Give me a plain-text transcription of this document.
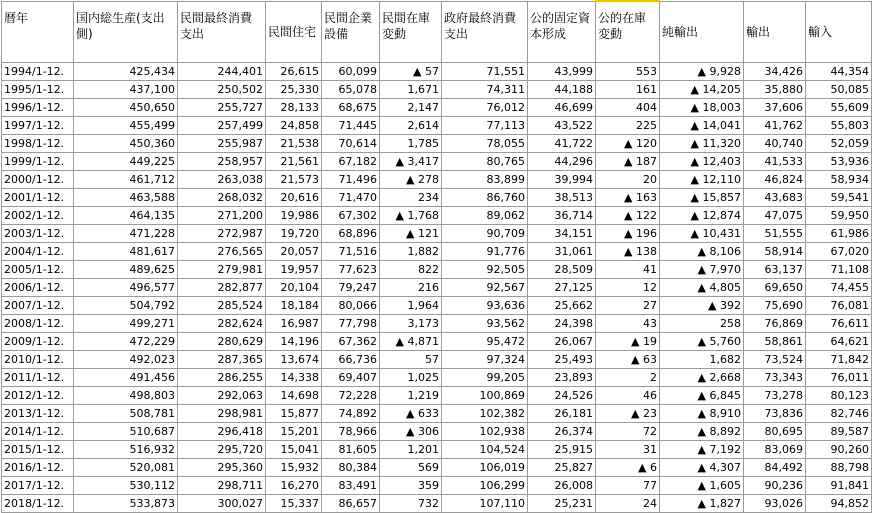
暦年	国内総生産(支出側)	民間最終消費支出	民間住宅	民間企業設備	民間在庫変動	政府最終消費支出	公的固定資本形成	公的在庫変動	純輸出	輸出	輸入
1994/1-12.	425,434	244,401	26,615	60,099	▲ 57	71,551	43,999	553	▲ 9,928	34,426	44,354
1995/1-12.	437,100	250,502	25,330	65,078	1,671	74,311	44,188	161	▲ 14,205	35,880	50,085
1996/1-12.	450,650	255,727	28,133	68,675	2,147	76,012	46,699	404	▲ 18,003	37,606	55,609
1997/1-12.	455,499	257,499	24,858	71,445	2,614	77,113	43,522	225	▲ 14,041	41,762	55,803
1998/1-12.	450,360	255,987	21,538	70,614	1,785	78,055	41,722	▲ 120	▲ 11,320	40,740	52,059
1999/1-12.	449,225	258,957	21,561	67,182	▲ 3,417	80,765	44,296	▲ 187	▲ 12,403	41,533	53,936
2000/1-12.	461,712	263,038	21,573	71,496	▲ 278	83,899	39,994	20	▲ 12,110	46,824	58,934
2001/1-12.	463,588	268,032	20,616	71,470	234	86,760	38,513	▲ 163	▲ 15,857	43,683	59,541
2002/1-12.	464,135	271,200	19,986	67,302	▲ 1,768	89,062	36,714	▲ 122	▲ 12,874	47,075	59,950
2003/1-12.	471,228	272,987	19,720	68,896	▲ 121	90,709	34,151	▲ 196	▲ 10,431	51,555	61,986
2004/1-12.	481,617	276,565	20,057	71,516	1,882	91,776	31,061	▲ 138	▲ 8,106	58,914	67,020
2005/1-12.	489,625	279,981	19,957	77,623	822	92,505	28,509	41	▲ 7,970	63,137	71,108
2006/1-12.	496,577	282,877	20,104	79,247	216	92,567	27,125	12	▲ 4,805	69,650	74,455
2007/1-12.	504,792	285,524	18,184	80,066	1,964	93,636	25,662	27	▲ 392	75,690	76,081
2008/1-12.	499,271	282,624	16,987	77,798	3,173	93,562	24,398	43	258	76,869	76,611
2009/1-12.	472,229	280,629	14,196	67,362	▲ 4,871	95,472	26,067	▲ 19	▲ 5,760	58,861	64,621
2010/1-12.	492,023	287,365	13,674	66,736	57	97,324	25,493	▲ 63	1,682	73,524	71,842
2011/1-12.	491,456	286,255	14,338	69,407	1,025	99,205	23,893	2	▲ 2,668	73,343	76,011
2012/1-12.	498,803	292,063	14,698	72,228	1,219	100,869	24,526	46	▲ 6,845	73,278	80,123
2013/1-12.	508,781	298,981	15,877	74,892	▲ 633	102,382	26,181	▲ 23	▲ 8,910	73,836	82,746
2014/1-12.	510,687	296,418	15,201	78,966	▲ 306	102,938	26,374	72	▲ 8,892	80,695	89,587
2015/1-12.	516,932	295,720	15,041	81,605	1,201	104,524	25,915	31	▲ 7,192	83,069	90,260
2016/1-12.	520,081	295,360	15,932	80,384	569	106,019	25,827	▲ 6	▲ 4,307	84,492	88,798
2017/1-12.	530,112	298,711	16,270	83,491	359	106,299	26,008	77	▲ 1,605	90,236	91,841
2018/1-12.	533,873	300,027	15,337	86,657	732	107,110	25,231	24	▲ 1,827	93,026	94,852
